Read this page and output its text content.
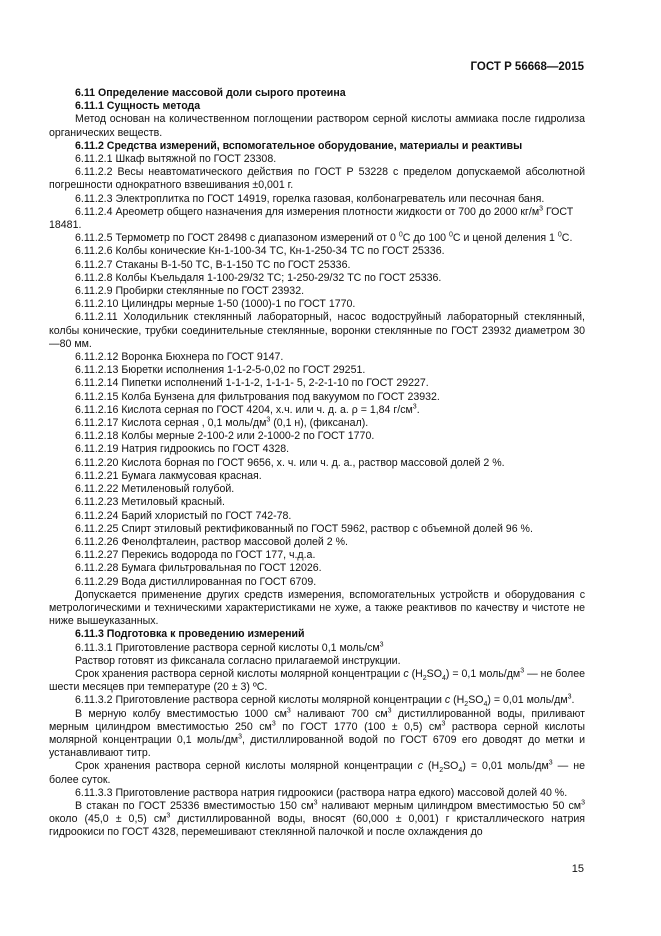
ГОСТ Р 56668—2015

6.11 Определение массовой доли сырого протеина

6.11.1 Сущность метода

Метод основан на количественном поглощении раствором серной кислоты аммиака после гидролиза органических веществ.

6.11.2 Средства измерений, вспомогательное оборудование, материалы и реактивы

6.11.2.1 Шкаф вытяжной по ГОСТ 23308.

6.11.2.2 Весы неавтоматического действия по ГОСТ Р 53228 с пределом допускаемой абсолютной погрешности однократного взвешивания ±0,001 г.

6.11.2.3 Электроплитка по ГОСТ 14919, горелка газовая, колбонагреватель или песочная баня.

6.11.2.4 Ареометр общего назначения для измерения плотности жидкости от 700 до 2000 $кг/м^3$ ГОСТ 18481.

6.11.2.5 Термометр по ГОСТ 28498 с диапазоном измерений от 0 $^0$С до 100 $^0$С и ценой деления 1 $^0$С.

6.11.2.6 Колбы конические Кн-1-100-34 ТС, Кн-1-250-34 ТС по ГОСТ 25336.

6.11.2.7 Стаканы В-1-50 ТС, В-1-150 ТС по ГОСТ 25336.

6.11.2.8 Колбы Къельдаля 1-100-29/32 ТС; 1-250-29/32 ТС по ГОСТ 25336.

6.11.2.9 Пробирки стеклянные по ГОСТ 23932.

6.11.2.10 Цилиндры мерные 1-50 (1000)-1 по ГОСТ 1770.

6.11.2.11 Холодильник стеклянный лабораторный, насос водоструйный лабораторный стеклянный, колбы конические, трубки соединительные стеклянные, воронки стеклянные по ГОСТ 23932 диаметром 30—80 мм.

6.11.2.12 Воронка Бюхнера по ГОСТ 9147.

6.11.2.13 Бюретки исполнения 1-1-2-5-0,02 по ГОСТ 29251.

6.11.2.14 Пипетки исполнений 1-1-1-2, 1-1-1- 5, 2-2-1-10 по ГОСТ 29227.

6.11.2.15 Колба Бунзена для фильтрования под вакуумом по ГОСТ 23932.

6.11.2.16 Кислота серная по ГОСТ 4204, х.ч. или ч. д. а. ρ = 1,84 $г/см^3$.

6.11.2.17 Кислота серная , 0,1 моль/$дм^3$ (0,1 н), (фиксанал).

6.11.2.18 Колбы мерные 2-100-2 или 2-1000-2 по ГОСТ 1770.

6.11.2.19 Натрия гидроокись по ГОСТ 4328.

6.11.2.20 Кислота борная по ГОСТ 9656, х. ч. или ч. д. а., раствор массовой долей 2 %.

6.11.2.21 Бумага лакмусовая красная.

6.11.2.22 Метиленовый голубой.

6.11.2.23 Метиловый красный.

6.11.2.24 Барий хлористый по ГОСТ 742-78.

6.11.2.25 Спирт этиловый ректификованный по ГОСТ 5962, раствор с объемной долей 96 %.

6.11.2.26 Фенолфталеин, раствор массовой долей 2 %.

6.11.2.27 Перекись водорода по ГОСТ 177, ч.д.а.

6.11.2.28 Бумага фильтровальная по ГОСТ 12026.

6.11.2.29 Вода дистиллированная по ГОСТ 6709.

Допускается применение других средств измерения, вспомогательных устройств и оборудования с метрологическими и техническими характеристиками не хуже, а также реактивов по качеству и чистоте не ниже вышеуказанных.

6.11.3 Подготовка к проведению измерений

6.11.3.1 Приготовление раствора серной кислоты 0,1 моль/$см^3$

Раствор готовят из фиксанала согласно прилагаемой инструкции.

Срок хранения раствора серной кислоты молярной концентрации c $(H_2SO_4) = 0,1$ моль/$дм^3$ — не более шести месяцев при температуре (20 ± 3) ºС.

6.11.3.2 Приготовление раствора серной кислоты молярной концентрации c $(H_2SO_4) = 0,01$ моль/$дм^3$.

В мерную колбу вместимостью 1000 $см^3$ наливают 700 $см^3$ дистиллированной воды, приливают мерным цилиндром вместимостью 250 $см^3$ по ГОСТ 1770 (100 ± 0,5) $см^3$ раствора серной кислоты молярной концентрации 0,1 моль/$дм^3$, дистиллированной водой по ГОСТ 6709 его доводят до метки и устанавливают титр.

Срок хранения раствора серной кислоты молярной концентрации c $(H_2SO_4) = 0,01$ моль/$дм^3$ — не более суток.

6.11.3.3 Приготовление раствора натрия гидроокиси (раствора натра едкого) массовой долей 40 %.

В стакан по ГОСТ 25336 вместимостью 150 $см^3$ наливают мерным цилиндром вместимостью 50 $см^3$ около (45,0 ± 0,5) $см^3$ дистиллированной воды, вносят (60,000 ± 0,001) г кристаллического натрия гидроокиси по ГОСТ 4328, перемешивают стеклянной палочкой и после охлаждения до

15
